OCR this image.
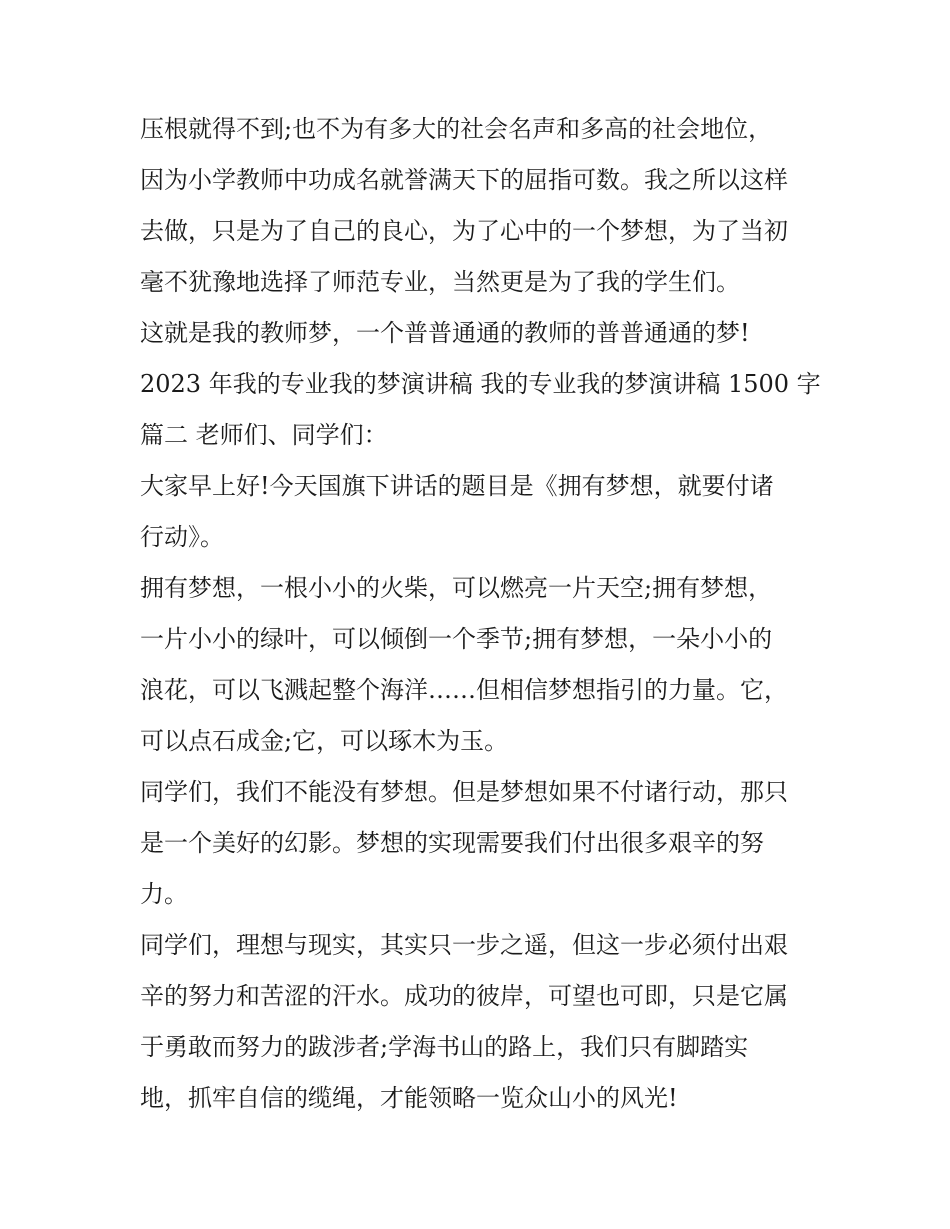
压根就得不到;也不为有多大的社会名声和多高的社会地位，
因为小学教师中功成名就誉满天下的屈指可数。我之所以这样
去做，只是为了自己的良心，为了心中的一个梦想，为了当初
毫不犹豫地选择了师范专业，当然更是为了我的学生们。
这就是我的教师梦，一个普普通通的教师的普普通通的梦!
2023 年我的专业我的梦演讲稿 我的专业我的梦演讲稿 1500 字
篇二 老师们、同学们：
大家早上好!今天国旗下讲话的题目是《拥有梦想，就要付诸
行动》。
拥有梦想，一根小小的火柴，可以燃亮一片天空;拥有梦想，
一片小小的绿叶，可以倾倒一个季节;拥有梦想，一朵小小的
浪花，可以飞溅起整个海洋……但相信梦想指引的力量。它，
可以点石成金;它，可以琢木为玉。
同学们，我们不能没有梦想。但是梦想如果不付诸行动，那只
是一个美好的幻影。梦想的实现需要我们付出很多艰辛的努
力。
同学们，理想与现实，其实只一步之遥，但这一步必须付出艰
辛的努力和苦涩的汗水。成功的彼岸，可望也可即，只是它属
于勇敢而努力的跋涉者;学海书山的路上，我们只有脚踏实
地，抓牢自信的缆绳，才能领略一览众山小的风光!
